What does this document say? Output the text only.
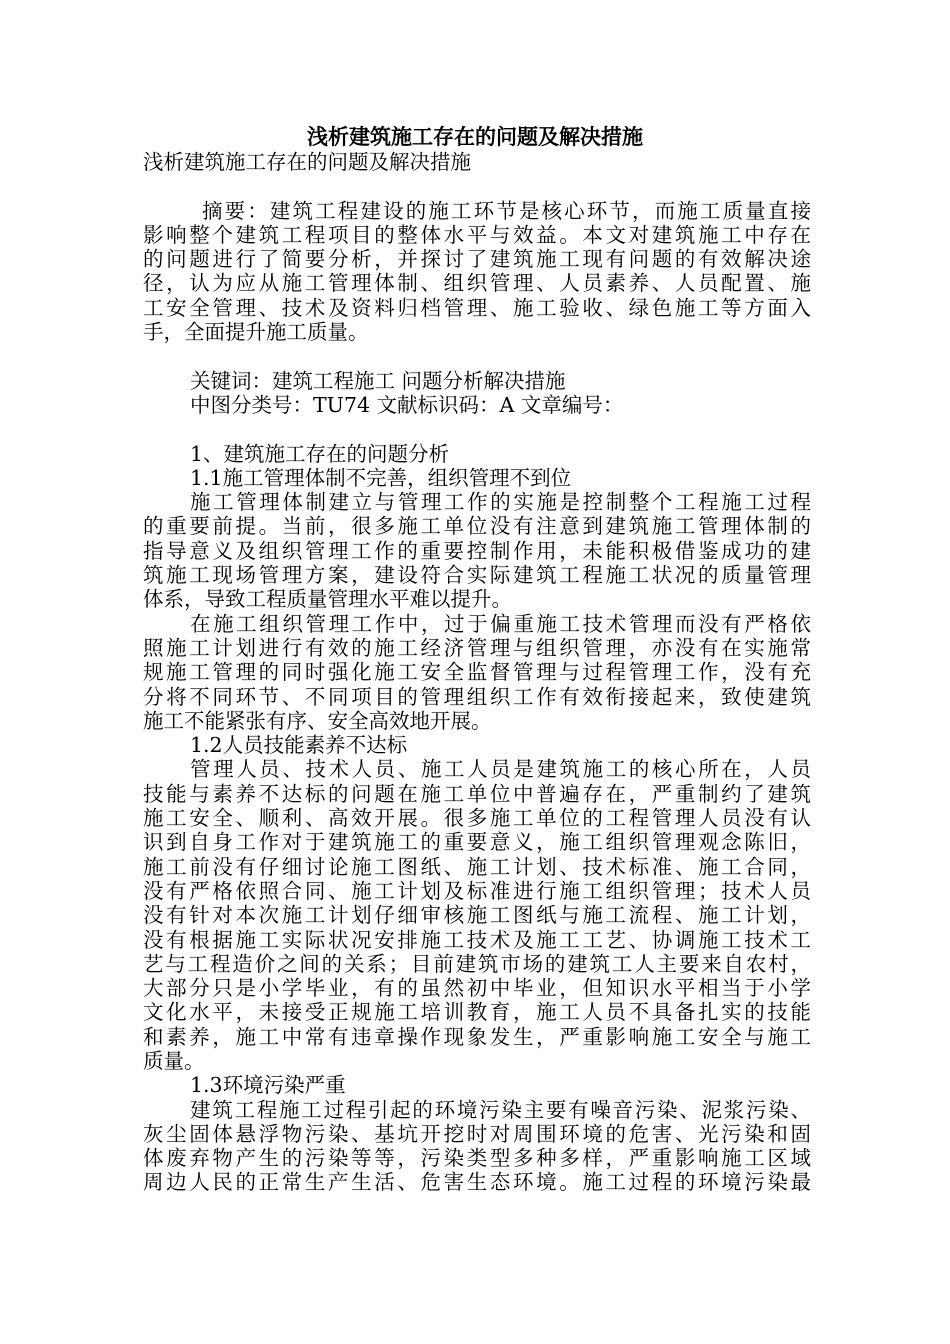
浅析建筑施工存在的问题及解决措施
浅析建筑施工存在的问题及解决措施
摘要：建筑工程建设的施工环节是核心环节，而施工质量直接
影响整个建筑工程项目的整体水平与效益。本文对建筑施工中存在
的问题进行了简要分析，并探讨了建筑施工现有问题的有效解决途
径，认为应从施工管理体制、组织管理、人员素养、人员配置、施
工安全管理、技术及资料归档管理、施工验收、绿色施工等方面入
手，全面提升施工质量。
关键词：建筑工程施工 问题分析解决措施
中图分类号：TU74 文献标识码：A 文章编号：
1、建筑施工存在的问题分析
1.1施工管理体制不完善，组织管理不到位
施工管理体制建立与管理工作的实施是控制整个工程施工过程
的重要前提。当前，很多施工单位没有注意到建筑施工管理体制的
指导意义及组织管理工作的重要控制作用，未能积极借鉴成功的建
筑施工现场管理方案，建设符合实际建筑工程施工状况的质量管理
体系，导致工程质量管理水平难以提升。
在施工组织管理工作中，过于偏重施工技术管理而没有严格依
照施工计划进行有效的施工经济管理与组织管理，亦没有在实施常
规施工管理的同时强化施工安全监督管理与过程管理工作，没有充
分将不同环节、不同项目的管理组织工作有效衔接起来，致使建筑
施工不能紧张有序、安全高效地开展。
1.2人员技能素养不达标
管理人员、技术人员、施工人员是建筑施工的核心所在，人员
技能与素养不达标的问题在施工单位中普遍存在，严重制约了建筑
施工安全、顺利、高效开展。很多施工单位的工程管理人员没有认
识到自身工作对于建筑施工的重要意义，施工组织管理观念陈旧，
施工前没有仔细讨论施工图纸、施工计划、技术标准、施工合同，
没有严格依照合同、施工计划及标准进行施工组织管理；技术人员
没有针对本次施工计划仔细审核施工图纸与施工流程、施工计划，
没有根据施工实际状况安排施工技术及施工工艺、协调施工技术工
艺与工程造价之间的关系；目前建筑市场的建筑工人主要来自农村，
大部分只是小学毕业，有的虽然初中毕业，但知识水平相当于小学
文化水平，未接受正规施工培训教育，施工人员不具备扎实的技能
和素养，施工中常有违章操作现象发生，严重影响施工安全与施工
质量。
1.3环境污染严重
建筑工程施工过程引起的环境污染主要有噪音污染、泥浆污染、
灰尘固体悬浮物污染、基坑开挖时对周围环境的危害、光污染和固
体废弃物产生的污染等等，污染类型多种多样，严重影响施工区域
周边人民的正常生产生活、危害生态环境。施工过程的环境污染最
